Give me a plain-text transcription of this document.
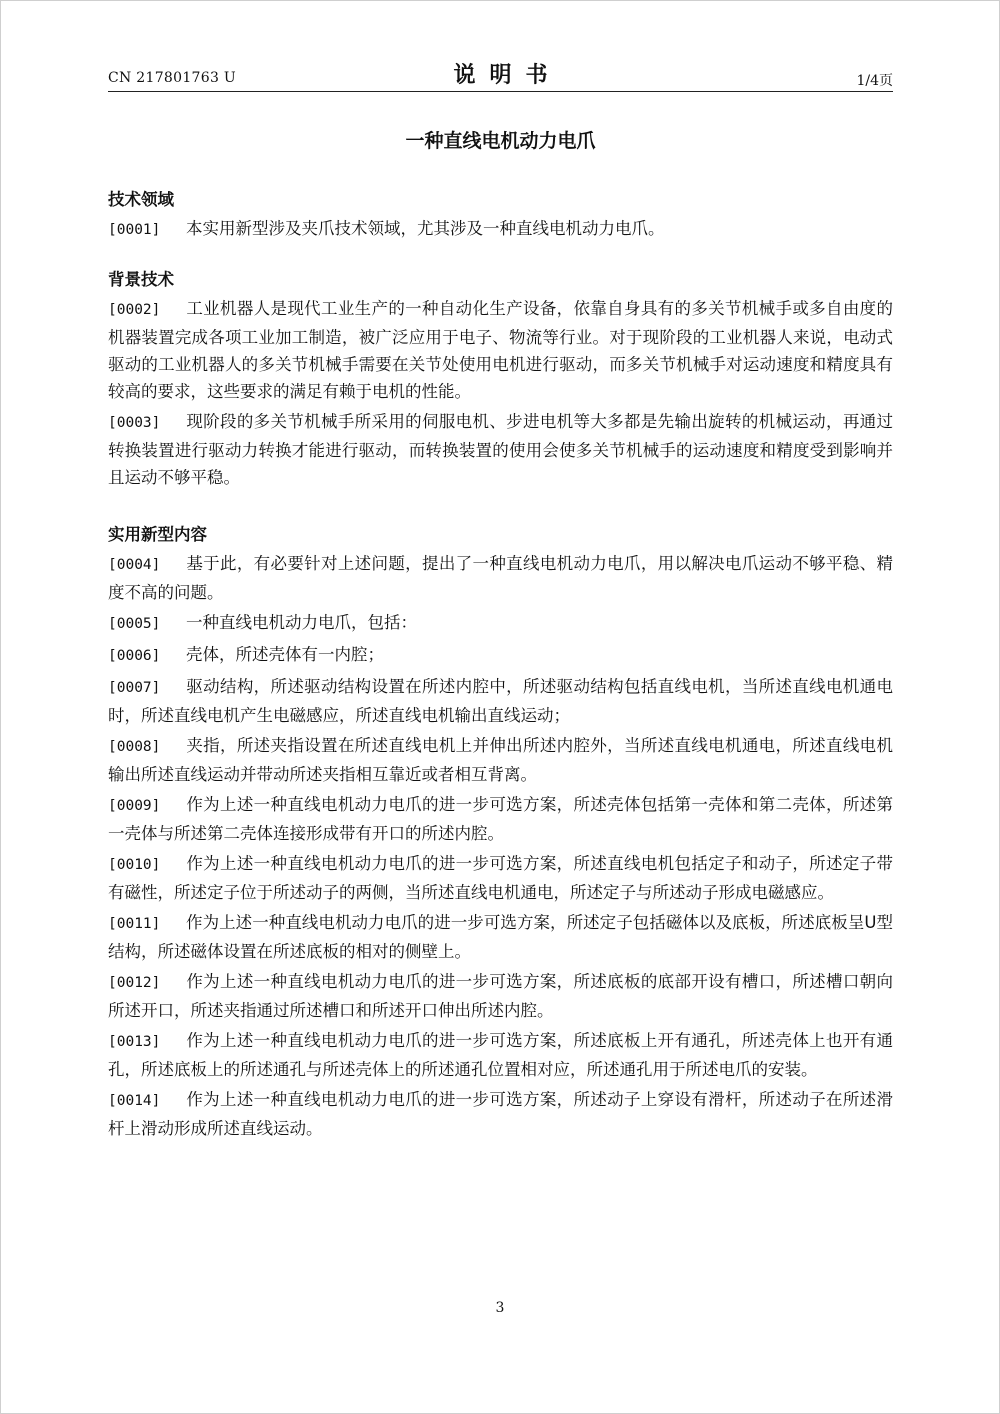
CN 217801763 U	说明书	1/4页
一种直线电机动力电爪
技术领域

[0001] 本实用新型涉及夹爪技术领域，尤其涉及一种直线电机动力电爪。

背景技术

[0002] 工业机器人是现代工业生产的一种自动化生产设备，依靠自身具有的多关节机械手或多自由度的机器装置完成各项工业加工制造，被广泛应用于电子、物流等行业。对于现阶段的工业机器人来说，电动式驱动的工业机器人的多关节机械手需要在关节处使用电机进行驱动，而多关节机械手对运动速度和精度具有较高的要求，这些要求的满足有赖于电机的性能。

[0003] 现阶段的多关节机械手所采用的伺服电机、步进电机等大多都是先输出旋转的机械运动，再通过转换装置进行驱动力转换才能进行驱动，而转换装置的使用会使多关节机械手的运动速度和精度受到影响并且运动不够平稳。

实用新型内容

[0004] 基于此，有必要针对上述问题，提出了一种直线电机动力电爪，用以解决电爪运动不够平稳、精度不高的问题。

[0005] 一种直线电机动力电爪，包括：

[0006] 壳体，所述壳体有一内腔；

[0007] 驱动结构，所述驱动结构设置在所述内腔中，所述驱动结构包括直线电机，当所述直线电机通电时，所述直线电机产生电磁感应，所述直线电机输出直线运动；

[0008] 夹指，所述夹指设置在所述直线电机上并伸出所述内腔外，当所述直线电机通电，所述直线电机输出所述直线运动并带动所述夹指相互靠近或者相互背离。

[0009] 作为上述一种直线电机动力电爪的进一步可选方案，所述壳体包括第一壳体和第二壳体，所述第一壳体与所述第二壳体连接形成带有开口的所述内腔。

[0010] 作为上述一种直线电机动力电爪的进一步可选方案，所述直线电机包括定子和动子，所述定子带有磁性，所述定子位于所述动子的两侧，当所述直线电机通电，所述定子与所述动子形成电磁感应。

[0011] 作为上述一种直线电机动力电爪的进一步可选方案，所述定子包括磁体以及底板，所述底板呈U型结构，所述磁体设置在所述底板的相对的侧壁上。

[0012] 作为上述一种直线电机动力电爪的进一步可选方案，所述底板的底部开设有槽口，所述槽口朝向所述开口，所述夹指通过所述槽口和所述开口伸出所述内腔。

[0013] 作为上述一种直线电机动力电爪的进一步可选方案，所述底板上开有通孔，所述壳体上也开有通孔，所述底板上的所述通孔与所述壳体上的所述通孔位置相对应，所述通孔用于所述电爪的安装。

[0014] 作为上述一种直线电机动力电爪的进一步可选方案，所述动子上穿设有滑杆，所述动子在所述滑杆上滑动形成所述直线运动。

3
